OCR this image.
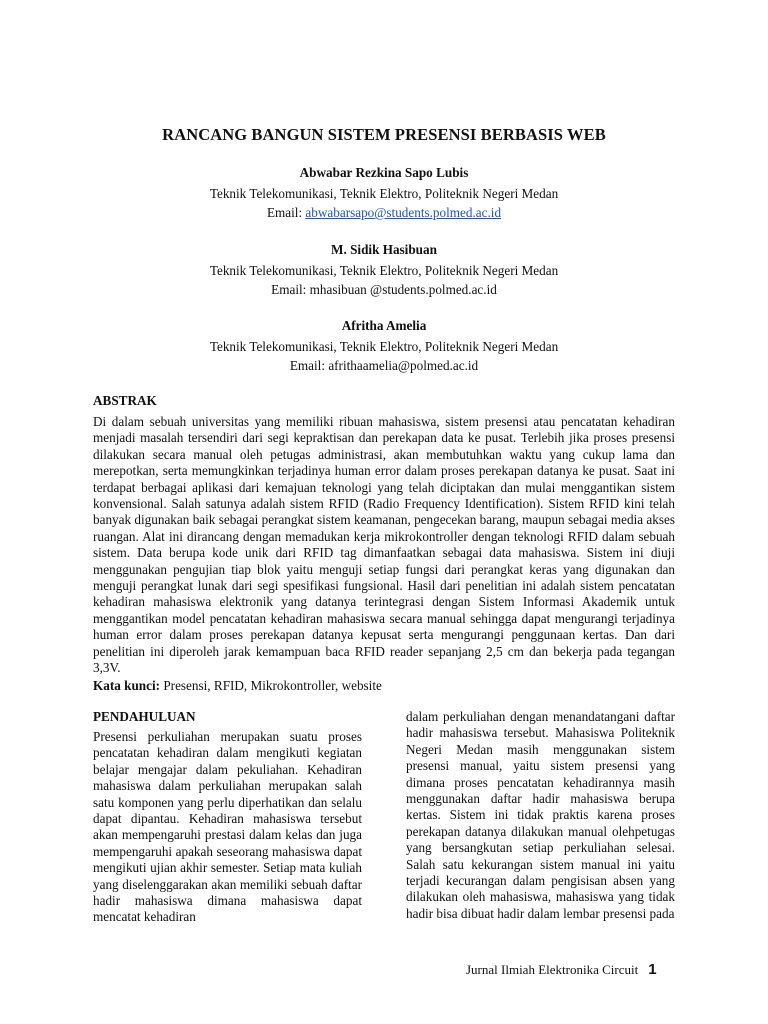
RANCANG BANGUN SISTEM PRESENSI BERBASIS WEB
Abwabar Rezkina Sapo Lubis
Teknik Telekomunikasi, Teknik Elektro, Politeknik Negeri Medan
Email: abwabarsapo@students.polmed.ac.id
M. Sidik Hasibuan
Teknik Telekomunikasi, Teknik Elektro, Politeknik Negeri Medan
Email: mhasibuan @students.polmed.ac.id
Afritha Amelia
Teknik Telekomunikasi, Teknik Elektro, Politeknik Negeri Medan
Email: afrithaamelia@polmed.ac.id
ABSTRAK
Di dalam sebuah universitas yang memiliki ribuan mahasiswa, sistem presensi atau pencatatan kehadiran menjadi masalah tersendiri dari segi kepraktisan dan perekapan data ke pusat. Terlebih jika proses presensi dilakukan secara manual oleh petugas administrasi, akan membutuhkan waktu yang cukup lama dan merepotkan, serta memungkinkan terjadinya human error dalam proses perekapan datanya ke pusat. Saat ini terdapat berbagai aplikasi dari kemajuan teknologi yang telah diciptakan dan mulai menggantikan sistem konvensional. Salah satunya adalah sistem RFID (Radio Frequency Identification). Sistem RFID kini telah banyak digunakan baik sebagai perangkat sistem keamanan, pengecekan barang, maupun sebagai media akses ruangan. Alat ini dirancang dengan memadukan kerja mikrokontroller dengan teknologi RFID dalam sebuah sistem. Data berupa kode unik dari RFID tag dimanfaatkan sebagai data mahasiswa. Sistem ini diuji menggunakan pengujian tiap blok yaitu menguji setiap fungsi dari perangkat keras yang digunakan dan menguji perangkat lunak dari segi spesifikasi fungsional. Hasil dari penelitian ini adalah sistem pencatatan kehadiran mahasiswa elektronik yang datanya terintegrasi dengan Sistem Informasi Akademik untuk menggantikan model pencatatan kehadiran mahasiswa secara manual sehingga dapat mengurangi terjadinya human error dalam proses perekapan datanya kepusat serta mengurangi penggunaan kertas. Dan dari penelitian ini diperoleh jarak kemampuan baca RFID reader sepanjang 2,5 cm dan bekerja pada tegangan 3,3V.
Kata kunci: Presensi, RFID, Mikrokontroller, website
PENDAHULUAN
Presensi perkuliahan merupakan suatu proses pencatatan kehadiran dalam mengikuti kegiatan belajar mengajar dalam pekuliahan. Kehadiran mahasiswa dalam perkuliahan merupakan salah satu komponen yang perlu diperhatikan dan selalu dapat dipantau. Kehadiran mahasiswa tersebut akan mempengaruhi prestasi dalam kelas dan juga mempengaruhi apakah seseorang mahasiswa dapat mengikuti ujian akhir semester. Setiap mata kuliah yang diselenggarakan akan memiliki sebuah daftar hadir mahasiswa dimana mahasiswa dapat mencatat kehadiran
dalam perkuliahan dengan menandatangani daftar hadir mahasiswa tersebut. Mahasiswa Politeknik Negeri Medan masih menggunakan sistem presensi manual, yaitu sistem presensi yang dimana proses pencatatan kehadirannya masih menggunakan daftar hadir mahasiswa berupa kertas. Sistem ini tidak praktis karena proses perekapan datanya dilakukan manual olehpetugas yang bersangkutan setiap perkuliahan selesai. Salah satu kekurangan sistem manual ini yaitu terjadi kecurangan dalam pengisisan absen yang dilakukan oleh mahasiswa, mahasiswa yang tidak hadir bisa dibuat hadir dalam lembar presensi pada
Jurnal Ilmiah Elektronika Circuit 1
